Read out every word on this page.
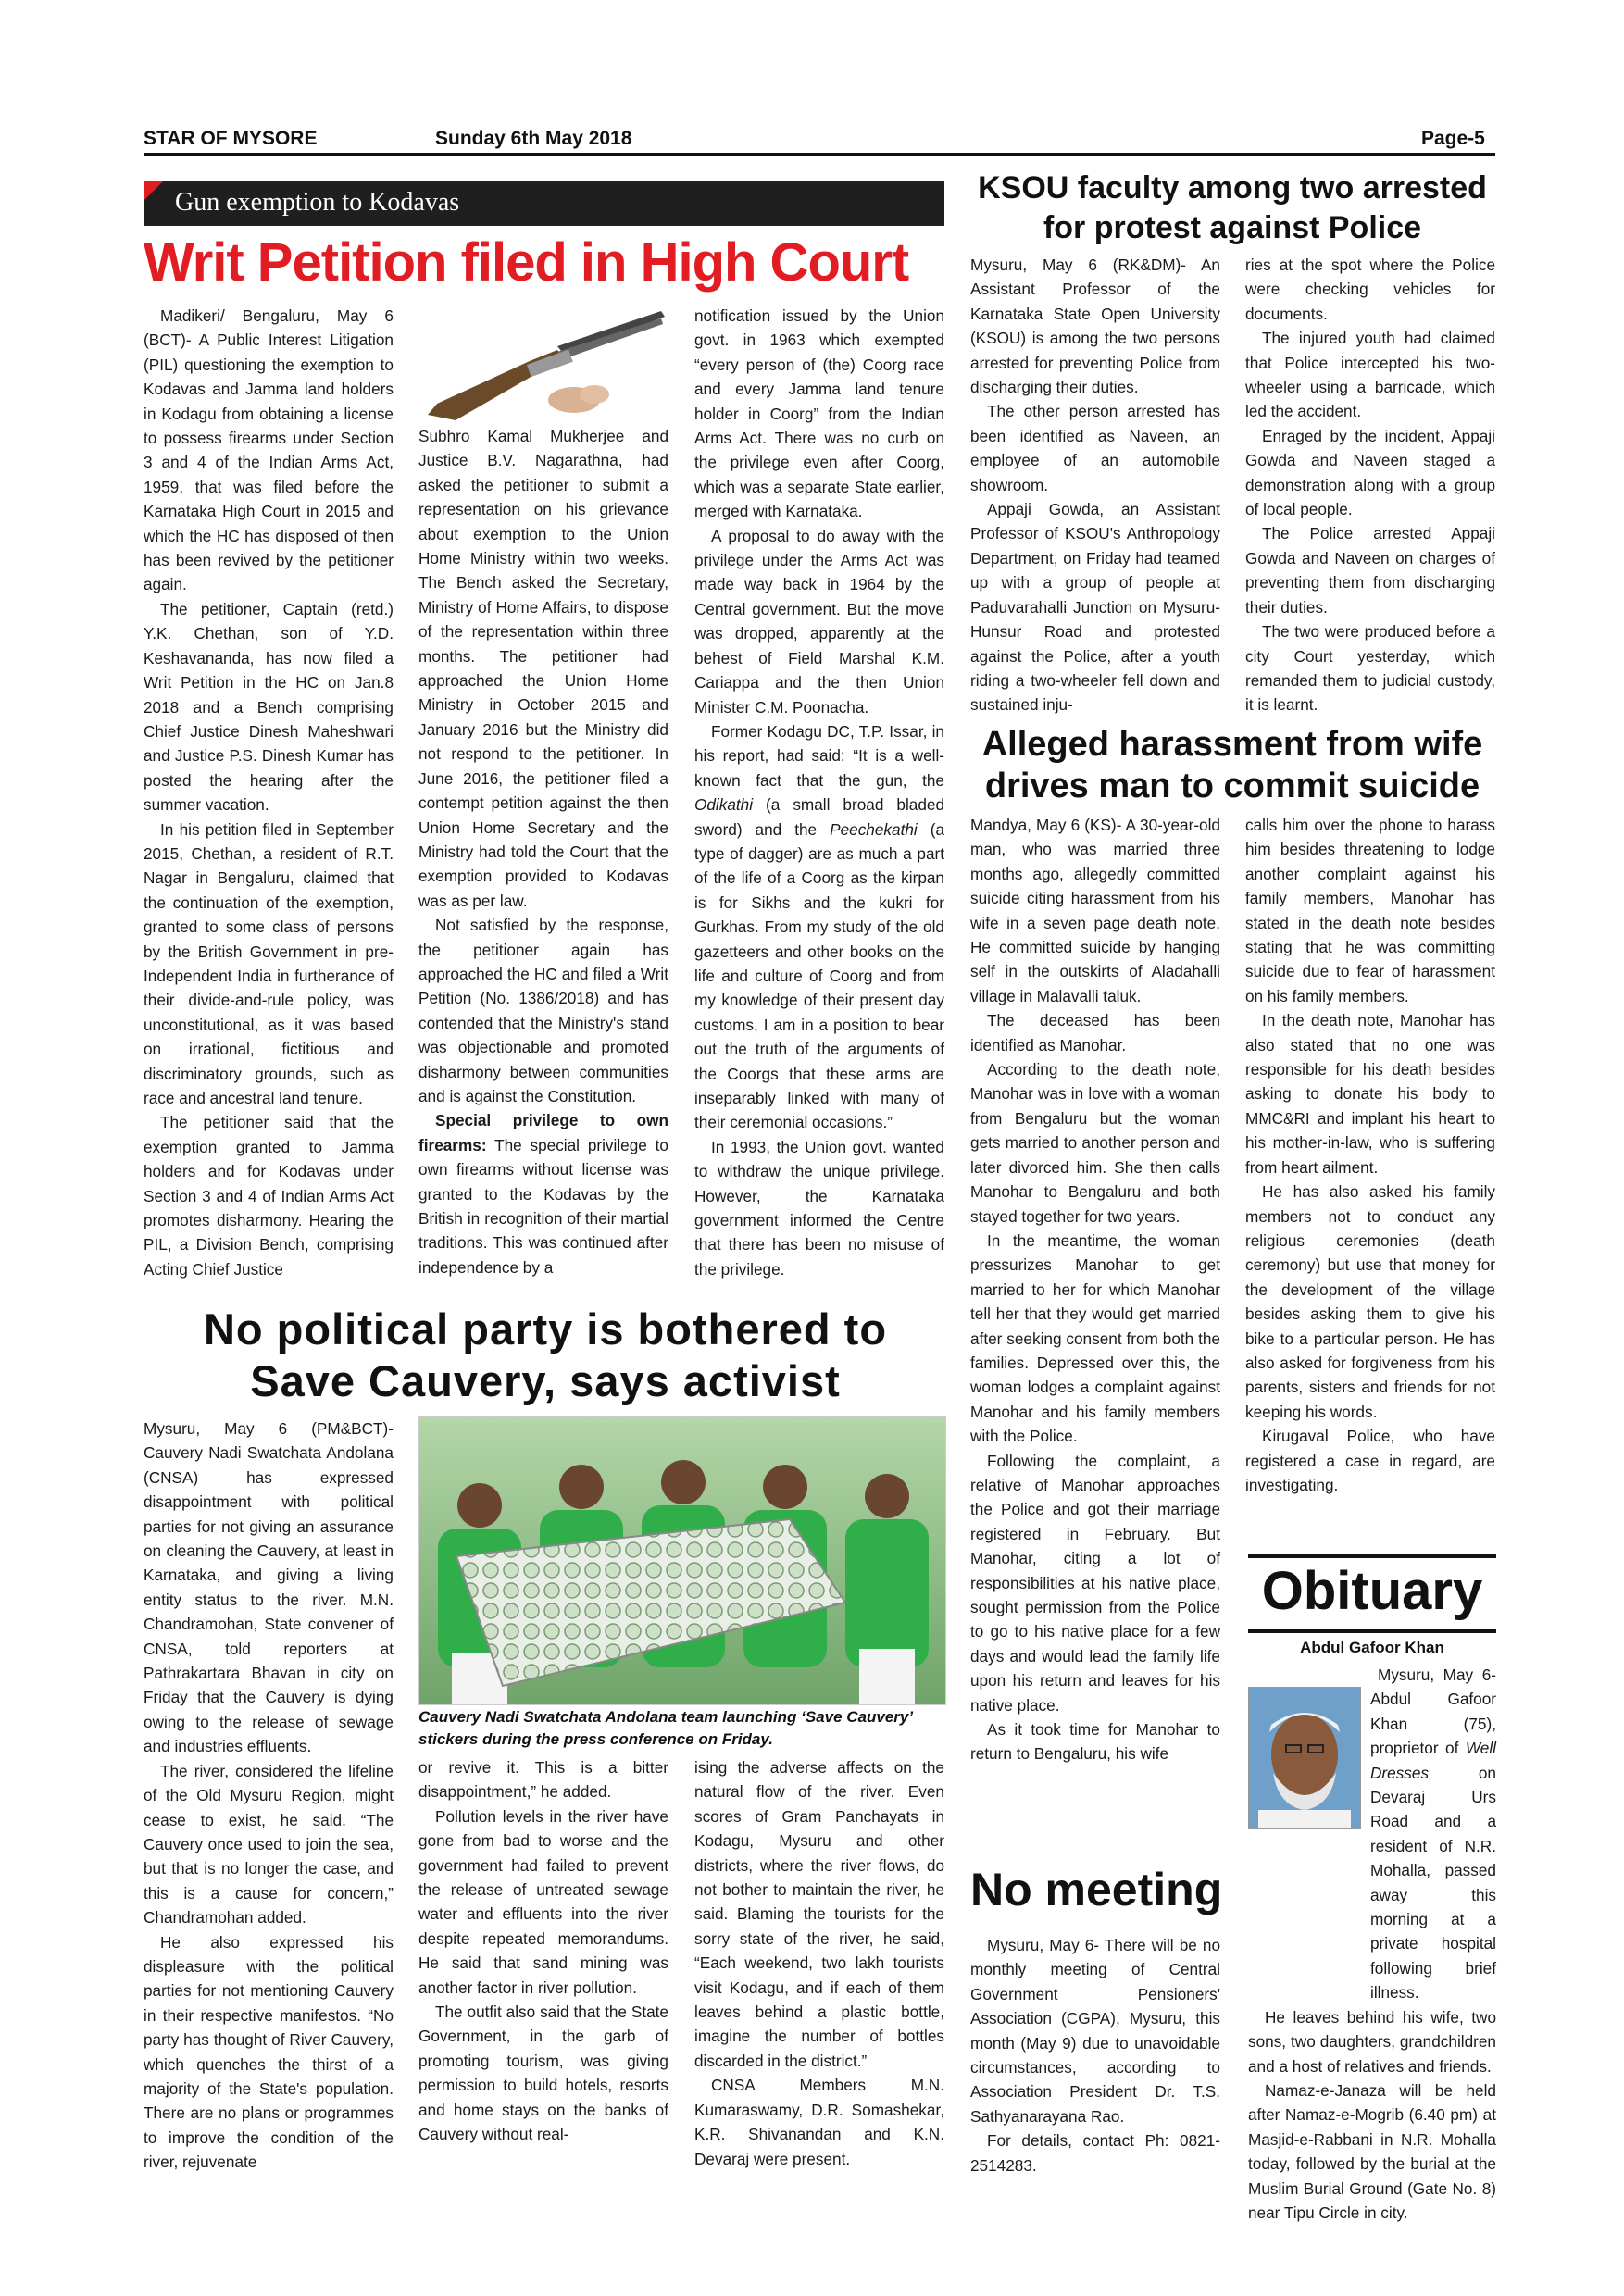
STAR OF MYSORE	Sunday 6th May 2018	Page-5
Gun exemption to Kodavas
Writ Petition filed in High Court

Madikeri/ Bengaluru, May 6 (BCT)- A Public Interest Litigation (PIL) questioning the exemption to Kodavas and Jamma land holders in Kodagu from obtaining a license to possess firearms under Section 3 and 4 of the Indian Arms Act, 1959, that was filed before the Karnataka High Court in 2015 and which the HC has disposed of then has been revived by the petitioner again.

The petitioner, Captain (retd.) Y.K. Chethan, son of Y.D. Keshavananda, has now filed a Writ Petition in the HC on Jan.8 2018 and a Bench comprising Chief Justice Dinesh Maheshwari and Justice P.S. Dinesh Kumar has posted the hearing after the summer vacation.

In his petition filed in September 2015, Chethan, a resident of R.T. Nagar in Bengaluru, claimed that the continuation of the exemption, granted to some class of persons by the British Government in pre-Independent India in furtherance of their divide-and-rule policy, was unconstitutional, as it was based on irrational, fictitious and discriminatory grounds, such as race and ancestral land tenure.

The petitioner said that the exemption granted to Jamma holders and for Kodavas under Section 3 and 4 of Indian Arms Act promotes disharmony. Hearing the PIL, a Division Bench, comprising Acting Chief Justice

Subhro Kamal Mukherjee and Justice B.V. Nagarathna, had asked the petitioner to submit a representation on his grievance about exemption to the Union Home Ministry within two weeks. The Bench asked the Secretary, Ministry of Home Affairs, to dispose of the representation within three months. The petitioner had approached the Union Home Ministry in October 2015 and January 2016 but the Ministry did not respond to the petitioner. In June 2016, the petitioner filed a contempt petition against the then Union Home Secretary and the Ministry had told the Court that the exemption provided to Kodavas was as per law.

Not satisfied by the response, the petitioner again has approached the HC and filed a Writ Petition (No. 1386/2018) and has contended that the Ministry's stand was objectionable and promoted disharmony between communities and is against the Constitution.

Special privilege to own firearms: The special privilege to own firearms without license was granted to the Kodavas by the British in recognition of their martial traditions. This was continued after independence by a

notification issued by the Union govt. in 1963 which exempted “every person of (the) Coorg race and every Jamma land tenure holder in Coorg” from the Indian Arms Act. There was no curb on the privilege even after Coorg, which was a separate State earlier, merged with Karnataka.

A proposal to do away with the privilege under the Arms Act was made way back in 1964 by the Central government. But the move was dropped, apparently at the behest of Field Marshal K.M. Cariappa and the then Union Minister C.M. Poonacha.

Former Kodagu DC, T.P. Issar, in his report, had said: “It is a well-known fact that the gun, the Odikathi (a small broad bladed sword) and the Peechekathi (a type of dagger) are as much a part of the life of a Coorg as the kirpan is for Sikhs and the kukri for Gurkhas. From my study of the old gazetteers and other books on the life and culture of Coorg and from my knowledge of their present day customs, I am in a position to bear out the truth of the arguments of the Coorgs that these arms are inseparably linked with many of their ceremonial occasions.”

In 1993, the Union govt. wanted to withdraw the unique privilege. However, the Karnataka government informed the Centre that there has been no misuse of the privilege.

No political party is bothered to
Save Cauvery, says activist

Mysuru, May 6 (PM&BCT)- Cauvery Nadi Swatchata Andolana (CNSA) has expressed disappointment with political parties for not giving an assurance on cleaning the Cauvery, at least in Karnataka, and giving a living entity status to the river. M.N. Chandramohan, State convener of CNSA, told reporters at Pathrakartara Bhavan in city on Friday that the Cauvery is dying owing to the release of sewage and industries effluents.

The river, considered the lifeline of the Old Mysuru Region, might cease to exist, he said. “The Cauvery once used to join the sea, but that is no longer the case, and this is a cause for concern,” Chandramohan added.

He also expressed his displeasure with the political parties for not mentioning Cauvery in their respective manifestos. “No party has thought of River Cauvery, which quenches the thirst of a majority of the State's population. There are no plans or programmes to improve the condition of the river, rejuvenate

Cauvery Nadi Swatchata Andolana team launching ‘Save Cauvery’ stickers during the press conference on Friday.

or revive it. This is a bitter disappointment,” he added.

Pollution levels in the river have gone from bad to worse and the government had failed to prevent the release of untreated sewage water and effluents into the river despite repeated memorandums. He said that sand mining was another factor in river pollution.

The outfit also said that the State Government, in the garb of promoting tourism, was giving permission to build hotels, resorts and home stays on the banks of Cauvery without real-

ising the adverse affects on the natural flow of the river. Even scores of Gram Panchayats in Kodagu, Mysuru and other districts, where the river flows, do not bother to maintain the river, he said. Blaming the tourists for the sorry state of the river, he said, “Each weekend, two lakh tourists visit Kodagu, and if each of them leaves behind a plastic bottle, imagine the number of bottles discarded in the district.”

CNSA Members M.N. Kumaraswamy, D.R. Somashekar, K.R. Shivanandan and K.N. Devaraj were present.

KSOU faculty among two arrested for protest against Police

Mysuru, May 6 (RK&DM)- An Assistant Professor of the Karnataka State Open University (KSOU) is among the two persons arrested for preventing Police from discharging their duties.

The other person arrested has been identified as Naveen, an employee of an automobile showroom.

Appaji Gowda, an Assistant Professor of KSOU's Anthropology Department, on Friday had teamed up with a group of people at Paduvarahalli Junction on Mysuru-Hunsur Road and protested against the Police, after a youth riding a two-wheeler fell down and sustained inju-

ries at the spot where the Police were checking vehicles for documents.

The injured youth had claimed that Police intercepted his two-wheeler using a barricade, which led the accident.

Enraged by the incident, Appaji Gowda and Naveen staged a demonstration along with a group of local people.

The Police arrested Appaji Gowda and Naveen on charges of preventing them from discharging their duties.

The two were produced before a city Court yesterday, which remanded them to judicial custody, it is learnt.

Alleged harassment from wife drives man to commit suicide

Mandya, May 6 (KS)- A 30-year-old man, who was married three months ago, allegedly committed suicide citing harassment from his wife in a seven page death note. He committed suicide by hanging self in the outskirts of Aladahalli village in Malavalli taluk.

The deceased has been identified as Manohar.

According to the death note, Manohar was in love with a woman from Bengaluru but the woman gets married to another person and later divorced him. She then calls Manohar to Bengaluru and both stayed together for two years.

In the meantime, the woman pressurizes Manohar to get married to her for which Manohar tell her that they would get married after seeking consent from both the families. Depressed over this, the woman lodges a complaint against Manohar and his family members with the Police.

Following the complaint, a relative of Manohar approaches the Police and got their marriage registered in February. But Manohar, citing a lot of responsibilities at his native place, sought permission from the Police to go to his native place for a few days and would lead the family life upon his return and leaves for his native place.

As it took time for Manohar to return to Bengaluru, his wife

calls him over the phone to harass him besides threatening to lodge another complaint against his family members, Manohar has stated in the death note besides stating that he was committing suicide due to fear of harassment on his family members.

In the death note, Manohar has also stated that no one was responsible for his death besides asking to donate his body to MMC&RI and implant his heart to his mother-in-law, who is suffering from heart ailment.

He has also asked his family members not to conduct any religious ceremonies (death ceremony) but use that money for the development of the village besides asking them to give his bike to a particular person. He has also asked for forgiveness from his parents, sisters and friends for not keeping his words.

Kirugaval Police, who have registered a case in regard, are investigating.

No meeting

Mysuru, May 6- There will be no monthly meeting of Central Government Pensioners' Association (CGPA), Mysuru, this month (May 9) due to unavoidable circumstances, according to Association President Dr. T.S. Sathyanarayana Rao.

For details, contact Ph: 0821-2514283.

Obituary
Abdul Gafoor Khan

Mysuru, May 6- Abdul Gafoor Khan (75), proprietor of Well Dresses on Devaraj Urs Road and a resident of N.R. Mohalla, passed away this morning at a private hospital following brief illness.

He leaves behind his wife, two sons, two daughters, grandchildren and a host of relatives and friends.

Namaz-e-Janaza will be held after Namaz-e-Mogrib (6.40 pm) at Masjid-e-Rabbani in N.R. Mohalla today, followed by the burial at the Muslim Burial Ground (Gate No. 8) near Tipu Circle in city.
